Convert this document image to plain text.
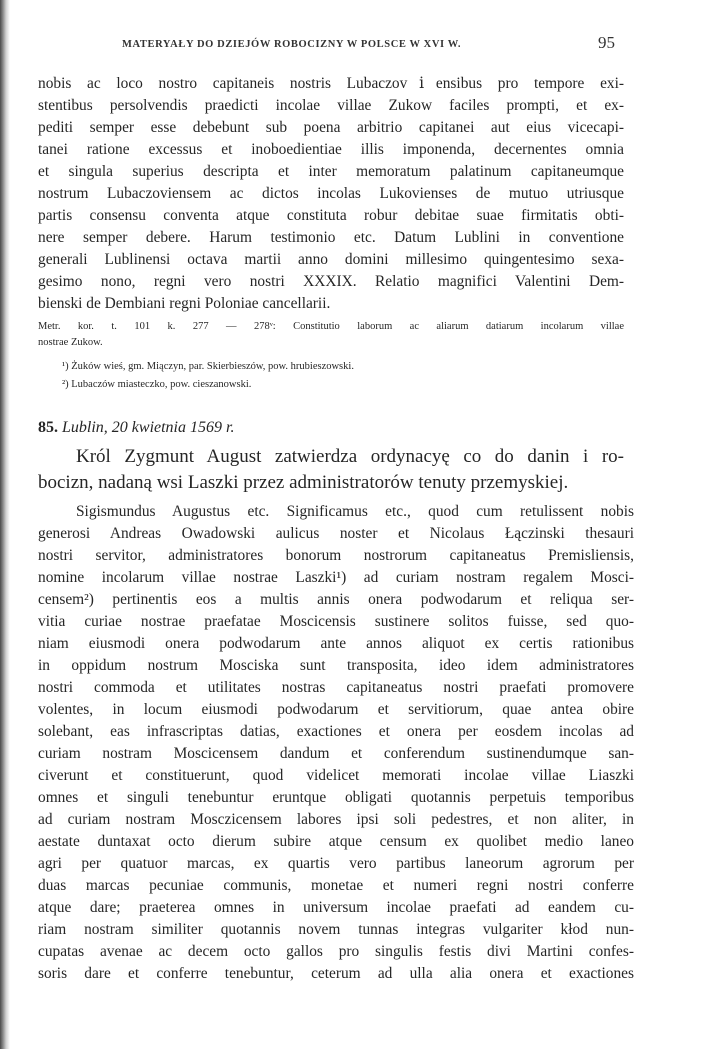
MATERYAŁY DO DZIEJÓW ROBOCIZNY W POLSCE W XVI W.	95
nobis ac loco nostro capitaneis nostris Lubaczovⅰensibus pro tempore exi-
stentibus persolvendis praedicti incolae villae Zukow faciles prompti, et ex-
pediti semper esse debebunt sub poena arbitrio capitanei aut eius vicecapi-
tanei ratione excessus et inoboedientiae illis imponenda, decernentes omnia
et singula superius descripta et inter memoratum palatinum capitaneumque
nostrum Lubaczoviensem ac dictos incolas Lukovienses de mutuo utriusque
partis consensu conventa atque constituta robur debitae suae firmitatis obti-
nere semper debere. Harum testimonio etc. Datum Lublini in conventione
generali Lublinensi octava martii anno domini millesimo quingentesimo sexa-
gesimo nono, regni vero nostri XXXIX. Relatio magnifici Valentini Dem-
bienski de Dembiani regni Poloniae cancellarii.
Metr. kor. t. 101 k. 277 — 278ᵛ: Constitutio laborum ac aliarum datiarum incolarum villae
nostrae Zukow.
¹) Żuków wieś, gm. Miączyn, par. Skierbieszów, pow. hrubieszowski.
²) Lubaczów miasteczko, pow. cieszanowski.
85. Lublin, 20 kwietnia 1569 r.
Król Zygmunt August zatwierdza ordynacyę co do danin i ro-
bocizn, nadaną wsi Laszki przez administratorów tenuty przemyskiej.
Sigismundus Augustus etc. Significamus etc., quod cum retulissent nobis
generosi Andreas Owadowski aulicus noster et Nicolaus Łączinski thesauri
nostri servitor, administratores bonorum nostrorum capitaneatus Premisliensis,
nomine incolarum villae nostrae Laszki¹) ad curiam nostram regalem Mosci-
censem²) pertinentis eos a multis annis onera podwodarum et reliqua ser-
vitia curiae nostrae praefatae Moscicensis sustinere solitos fuisse, sed quo-
niam eiusmodi onera podwodarum ante annos aliquot ex certis rationibus
in oppidum nostrum Mosciska sunt transposita, ideo idem administratores
nostri commoda et utilitates nostras capitaneatus nostri praefati promovere
volentes, in locum eiusmodi podwodarum et servitiorum, quae antea obire
solebant, eas infrascriptas datias, exactiones et onera per eosdem incolas ad
curiam nostram Moscicensem dandum et conferendum sustinendumque san-
civerunt et constituerunt, quod videlicet memorati incolae villae Liaszki
omnes et singuli tenebuntur eruntque obligati quotannis perpetuis temporibus
ad curiam nostram Mosczicensem labores ipsi soli pedestres, et non aliter, in
aestate duntaxat octo dierum subire atque censum ex quolibet medio laneo
agri per quatuor marcas, ex quartis vero partibus laneorum agrorum per
duas marcas pecuniae communis, monetae et numeri regni nostri conferre
atque dare; praeterea omnes in universum incolae praefati ad eandem cu-
riam nostram similiter quotannis novem tunnas integras vulgariter kłod nun-
cupatas avenae ac decem octo gallos pro singulis festis divi Martini confes-
soris dare et conferre tenebuntur, ceterum ad ulla alia onera et exactiones
